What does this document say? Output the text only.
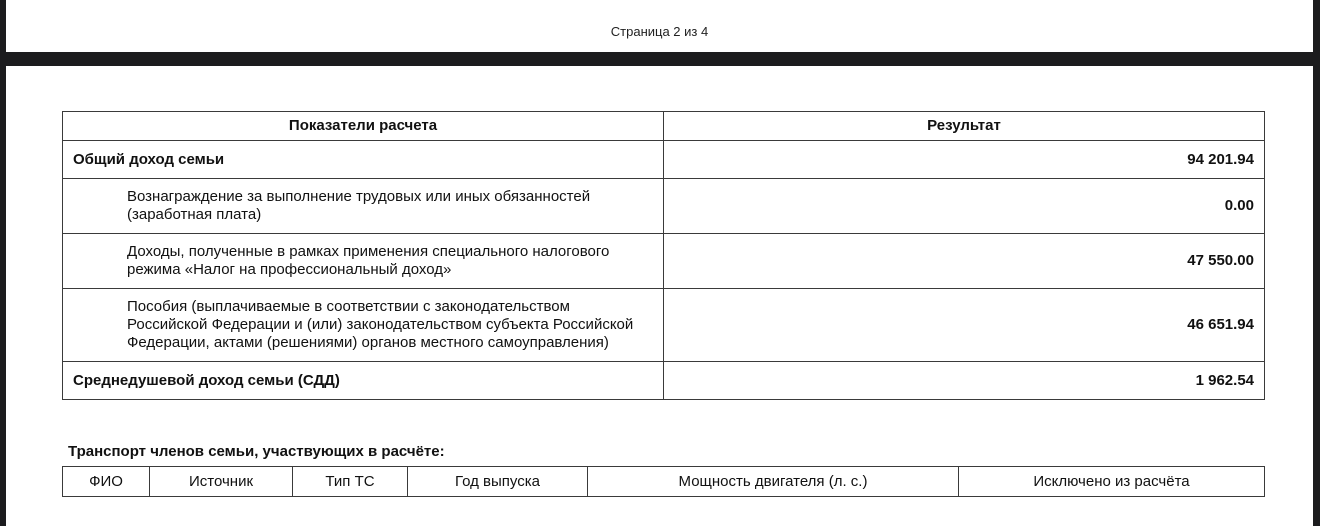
Страница 2 из 4
Показатели расчета	Результат
Общий доход семьи	94 201.94
Вознаграждение за выполнение трудовых или иных обязанностей (заработная плата)	0.00
Доходы, полученные в рамках применения специального налогового режима «Налог на профессиональный доход»	47 550.00
Пособия (выплачиваемые в соответствии с законодательством Российской Федерации и (или) законодательством субъекта Российской Федерации, актами (решениями) органов местного самоуправления)	46 651.94
Среднедушевой доход семьи (СДД)	1 962.54
Транспорт членов семьи, участвующих в расчёте:
ФИО	Источник	Тип ТС	Год выпуска	Мощность двигателя (л. с.)	Исключено из расчёта
